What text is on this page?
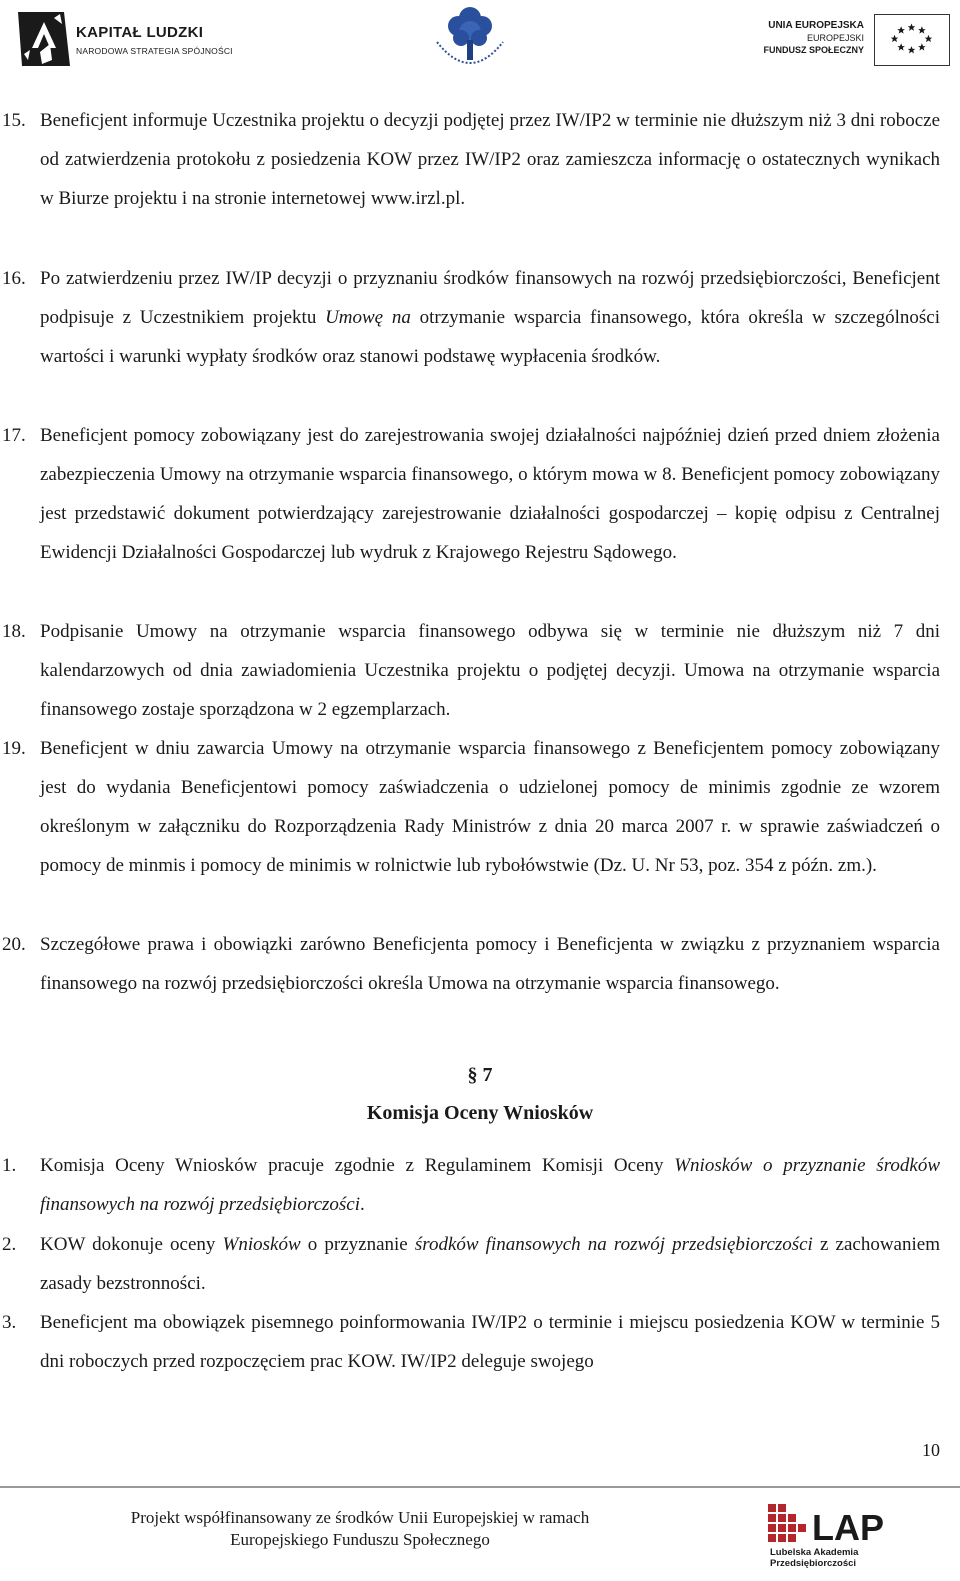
KAPITAŁ LUDZKI
NARODOWA STRATEGIA SPÓJNOŚCI
UNIA EUROPEJSKA
EUROPEJSKI
FUNDUSZ SPOŁECZNY
15. Beneficjent informuje Uczestnika projektu o decyzji podjętej przez IW/IP2 w terminie nie dłuższym niż 3 dni robocze od zatwierdzenia protokołu z posiedzenia KOW przez IW/IP2 oraz zamieszcza informację o ostatecznych wynikach w Biurze projektu i na stronie internetowej www.irzl.pl.
16. Po zatwierdzeniu przez IW/IP decyzji o przyznaniu środków finansowych na rozwój przedsiębiorczości, Beneficjent podpisuje z Uczestnikiem projektu Umowę na otrzymanie wsparcia finansowego, która określa w szczególności wartości i warunki wypłaty środków oraz stanowi podstawę wypłacenia środków.
17. Beneficjent pomocy zobowiązany jest do zarejestrowania swojej działalności najpóźniej dzień przed dniem złożenia zabezpieczenia Umowy na otrzymanie wsparcia finansowego, o którym mowa w 8. Beneficjent pomocy zobowiązany jest przedstawić dokument potwierdzający zarejestrowanie działalności gospodarczej – kopię odpisu z Centralnej Ewidencji Działalności Gospodarczej lub wydruk z Krajowego Rejestru Sądowego.
18. Podpisanie Umowy na otrzymanie wsparcia finansowego odbywa się w terminie nie dłuższym niż 7 dni kalendarzowych od dnia zawiadomienia Uczestnika projektu o podjętej decyzji. Umowa na otrzymanie wsparcia finansowego zostaje sporządzona w 2 egzemplarzach.
19. Beneficjent w dniu zawarcia Umowy na otrzymanie wsparcia finansowego z Beneficjentem pomocy zobowiązany jest do wydania Beneficjentowi pomocy zaświadczenia o udzielonej pomocy de minimis zgodnie ze wzorem określonym w załączniku do Rozporządzenia Rady Ministrów z dnia 20 marca 2007 r. w sprawie zaświadczeń o pomocy de minmis i pomocy de minimis w rolnictwie lub rybołówstwie (Dz. U. Nr 53, poz. 354 z późn. zm.).
20. Szczegółowe prawa i obowiązki zarówno Beneficjenta pomocy i Beneficjenta w związku z przyznaniem wsparcia finansowego na rozwój przedsiębiorczości określa Umowa na otrzymanie wsparcia finansowego.
§ 7
Komisja Oceny Wniosków
1.	Komisja Oceny Wniosków pracuje zgodnie z Regulaminem Komisji Oceny Wniosków o przyznanie środków finansowych na rozwój przedsiębiorczości.
2.	KOW dokonuje oceny Wniosków o przyznanie środków finansowych na rozwój przedsiębiorczości z zachowaniem zasady bezstronności.
3.	Beneficjent ma obowiązek pisemnego poinformowania IW/IP2 o terminie i miejscu posiedzenia KOW w terminie 5 dni roboczych przed rozpoczęciem prac KOW. IW/IP2 deleguje swojego
10
Projekt współfinansowany ze środków Unii Europejskiej w ramach
Europejskiego Funduszu Społecznego	LAP
Lubelska Akademia
Przedsiębiorczości
